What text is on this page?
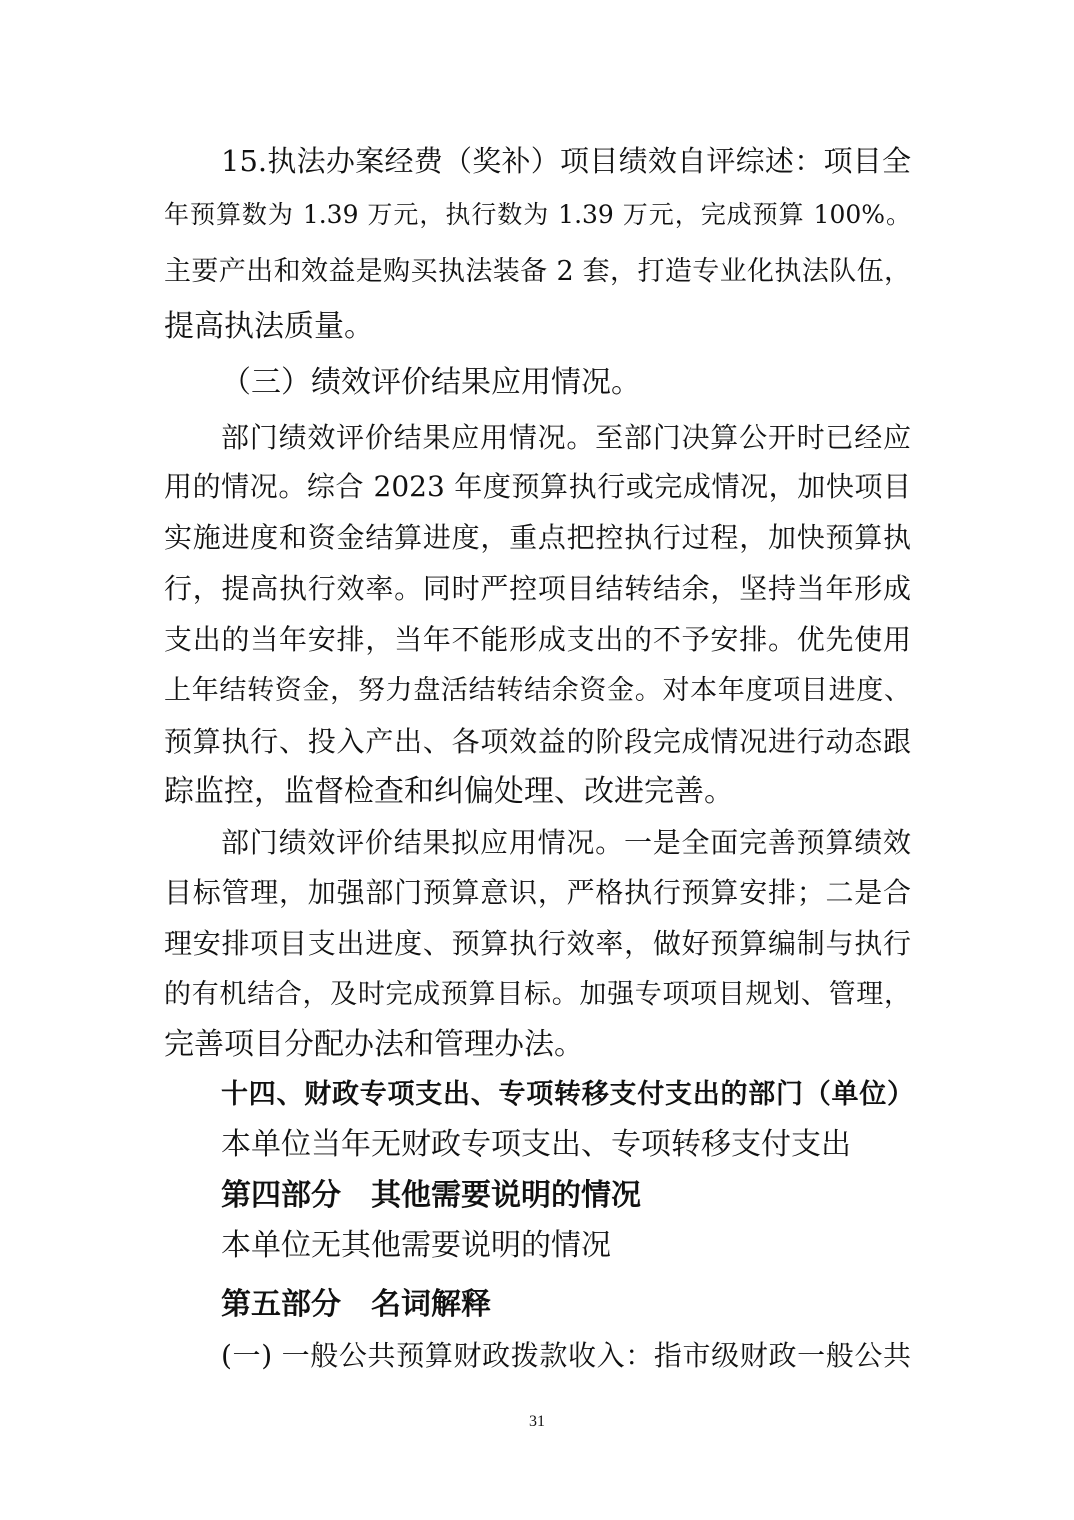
15.执法办案经费（奖补）项目绩效自评综述：项目全
年预算数为 1.39 万元，执行数为 1.39 万元，完成预算 100%。
主要产出和效益是购买执法装备 2 套，打造专业化执法队伍，
提高执法质量。
（三）绩效评价结果应用情况。
部门绩效评价结果应用情况。至部门决算公开时已经应
用的情况。综合 2023 年度预算执行或完成情况，加快项目
实施进度和资金结算进度，重点把控执行过程，加快预算执
行，提高执行效率。同时严控项目结转结余，坚持当年形成
支出的当年安排，当年不能形成支出的不予安排。优先使用
上年结转资金，努力盘活结转结余资金。对本年度项目进度、
预算执行、投入产出、各项效益的阶段完成情况进行动态跟
踪监控，监督检查和纠偏处理、改进完善。
部门绩效评价结果拟应用情况。一是全面完善预算绩效
目标管理，加强部门预算意识，严格执行预算安排；二是合
理安排项目支出进度、预算执行效率，做好预算编制与执行
的有机结合，及时完成预算目标。加强专项项目规划、管理，
完善项目分配办法和管理办法。
十四、财政专项支出、专项转移支付支出的部门（单位）
本单位当年无财政专项支出、专项转移支付支出
第四部分　其他需要说明的情况
本单位无其他需要说明的情况
第五部分　名词解释
(一) 一般公共预算财政拨款收入：指市级财政一般公共
31
